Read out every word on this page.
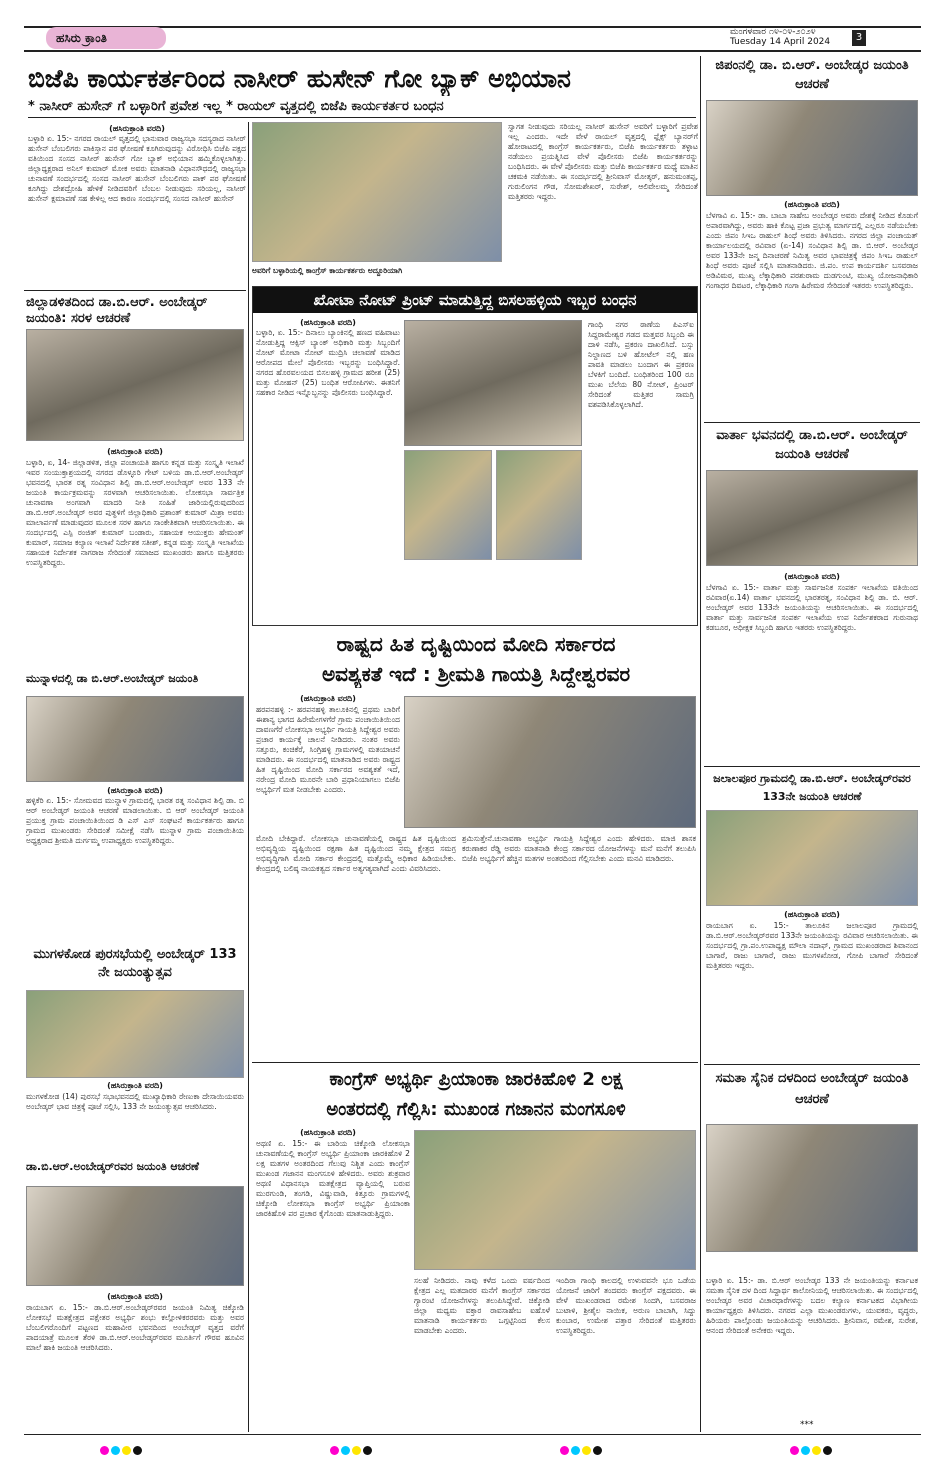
ಹಸಿರು ಕ್ರಾಂತಿ	ಮಂಗಳವಾರ ೧೪-೦೪-೨೦೨೪
Tuesday 14 April 2024	3
ಬಿಜೆಪಿ ಕಾರ್ಯಕರ್ತರಿಂದ ನಾಸೀರ್ ಹುಸೇನ್ ಗೋ ಬ್ಯಾಕ್ ಅಭಿಯಾನ
* ನಾಸೀರ್ ಹುಸೇನ್ ಗೆ ಬಳ್ಳಾರಿಗೆ ಪ್ರವೇಶ ಇಲ್ಲ * ರಾಯಲ್ ವೃತ್ತದಲ್ಲಿ ಬಿಜೆಪಿ ಕಾರ್ಯಕರ್ತರ ಬಂಧನ
(ಹಸಿರುಕ್ರಾಂತಿ ವರದಿ)
ಬಳ್ಳಾರಿ ಏ. 15:- ನಗರದ ರಾಯಲ್ ವೃತ್ತದಲ್ಲಿ ಭಾನುವಾರ ರಾಜ್ಯಸಭಾ ಸದಸ್ಯರಾದ ನಾಸೀರ್ ಹುಸೇನ್ ಬೆಂಬಲಿಗರು ಪಾಕಿಸ್ತಾನ ಪರ ಘೋಷಣೆ ಕೂಗಿರುವುದನ್ನು ವಿರೋಧಿಸಿ ಬಿಜೆಪಿ ಪಕ್ಷದ ವತಿಯಿಂದ ಸಂಸದ ನಾಸೀರ್ ಹುಸೇನ್ ಗೋ ಬ್ಯಾಕ್ ಅಭಿಯಾನ ಹಮ್ಮಿಕೊಳ್ಳಲಾಗಿತ್ತು. ಜಿಲ್ಲಾಧ್ಯಕ್ಷರಾದ ಅನಿಲ್ ಕುಮಾರ್ ಮೋಕ ಅವರು ಮಾತನಾಡಿ ವಿಧಾನಸೌಧದಲ್ಲಿ ರಾಜ್ಯಸಭಾ ಚುನಾವಣೆ ಸಂದರ್ಭದಲ್ಲಿ ಸಂಸದ ನಾಸೀರ್ ಹುಸೇನ್ ಬೆಂಬಲಿಗರು ಪಾಕ್ ಪರ ಘೋಷಣೆ ಕೂಗಿದ್ದು ದೇಶದ್ರೋಹಿ ಹೇಳಿಕೆ ನೀಡಿದವರಿಗೆ ಬೆಂಬಲ ನೀಡುವುದು ಸರಿಯಲ್ಲ, ನಾಸೀರ್ ಹುಸೇನ್ ಕ್ಷಮಾಪಣೆ ಸಹ ಕೇಳಿಲ್ಲ ಆದ ಕಾರಣ ಸಂದರ್ಭದಲ್ಲಿ ಸಂಸದ ನಾಸೀರ್ ಹುಸೇನ್
ಅವರಿಗೆ ಬಳ್ಳಾರಿಯಲ್ಲಿ ಕಾಂಗ್ರೆಸ್ ಕಾರ್ಯಕರ್ತರು ಅದ್ದೂರಿಯಾಗಿ
ಸ್ವಾಗತ ನೀಡುವುದು ಸರಿಯಲ್ಲ ನಾಸೀರ್ ಹುಸೇನ್ ಅವರಿಗೆ ಬಳ್ಳಾರಿಗೆ ಪ್ರವೇಶ ಇಲ್ಲ ಎಂದರು. ಇದೇ ವೇಳೆ ರಾಯಲ್ ವೃತ್ತದಲ್ಲಿ ಫ್ಲೆಕ್ಸ್ ಬ್ಯಾನರ್‌ಗೆ ಹೋರಾಟದಲ್ಲಿ ಕಾಂಗ್ರೆಸ್ ಕಾರ್ಯಕರ್ತರು, ಬಿಜೆಪಿ ಕಾರ್ಯಕರ್ತರು ತಳ್ಳಾಟ ನಡೆಯಲು ಪ್ರಯತ್ನಿಸಿದ ವೇಳೆ ಪೊಲೀಸರು ಬಿಜೆಪಿ ಕಾರ್ಯಕರ್ತರನ್ನು ಬಂಧಿಸಿದರು. ಈ ವೇಳೆ ಪೊಲೀಸರು ಮತ್ತು ಬಿಜೆಪಿ ಕಾರ್ಯಕರ್ತರ ಮಧ್ಯೆ ಮಾತಿನ ಚಕಮಕಿ ನಡೆಯಿತು. ಈ ಸಂದರ್ಭದಲ್ಲಿ ಶ್ರೀನಿವಾಸ್ ಮೋತ್ಕರ್, ಹನುಮಂತಪ್ಪ, ಗುರುಲಿಂಗನ ಗೌಡ, ಸೋಮಶೇಖರ್, ಸುರೇಶ್, ಆಲಿವೇಲಮ್ಮ ಸೇರಿದಂತೆ ಮತ್ತಿತರರು ಇದ್ದರು.
ಜಿಲ್ಲಾಡಳಿತದಿಂದ ಡಾ.ಬಿ.ಆರ್. ಅಂಬೇಡ್ಕರ್ ಜಯಂತಿ: ಸರಳ ಆಚರಣೆ
(ಹಸಿರುಕ್ರಾಂತಿ ವರದಿ)
ಬಳ್ಳಾರಿ, ಏ, 14- ಜಿಲ್ಲಾಡಳಿತ, ಜಿಲ್ಲಾ ಪಂಚಾಯತಿ ಹಾಗೂ ಕನ್ನಡ ಮತ್ತು ಸಂಸ್ಕೃತಿ ಇಲಾಖೆ ಇವರ ಸಂಯುಕ್ತಾಶ್ರಯದಲ್ಲಿ ನಗರದ ಡೊಳ್ಳೂರಿ ಗೇಟ್ ಬಳಿಯ ಡಾ.ಬಿ.ಆರ್.ಅಂಬೇಡ್ಕರ್ ಭವನದಲ್ಲಿ ಭಾರತ ರತ್ನ ಸಂವಿಧಾನ ಶಿಲ್ಪಿ ಡಾ.ಬಿ.ಆರ್.ಅಂಬೇಡ್ಕರ್ ಅವರ 133 ನೇ ಜಯಂತಿ ಕಾರ್ಯಕ್ರಮವನ್ನು ಸರಳವಾಗಿ ಆಚರಿಸಲಾಯಿತು. ಲೋಕಸಭಾ ಸಾರ್ವತ್ರಿಕ ಚುನಾವಣಾ ಅಂಗವಾಗಿ ಮಾದರಿ ನೀತಿ ಸಂಹಿತೆ ಜಾರಿಯಲ್ಲಿರುವುದರಿಂದ ಡಾ.ಬಿ.ಆರ್.ಅಂಬೇಡ್ಕರ್ ಅವರ ಪುತ್ಥಳಿಗೆ ಜಿಲ್ಲಾಧಿಕಾರಿ ಪ್ರಶಾಂತ್ ಕುಮಾರ್ ಮಿಶ್ರಾ ಅವರು ಮಾಲಾರ್ಪಣೆ ಮಾಡುವುದರ ಮೂಲಕ ಸರಳ ಹಾಗೂ ಸಾಂಕೇತಿಕವಾಗಿ ಆಚರಿಸಲಾಯಿತು. ಈ ಸಂದರ್ಭದಲ್ಲಿ ಎಸ್ಪಿ ರಂಜಿತ್ ಕುಮಾರ್ ಬಂಡಾರು, ಸಹಾಯಕ ಆಯುಕ್ತರು ಹೇಮಂತ್ ಕುಮಾರ್, ಸಮಾಜ ಕಲ್ಯಾಣ ಇಲಾಖೆ ನಿರ್ದೇಶಕ ಸತೀಶ್, ಕನ್ನಡ ಮತ್ತು ಸಂಸ್ಕೃತಿ ಇಲಾಖೆಯ ಸಹಾಯಕ ನಿರ್ದೇಶಕ ನಾಗರಾಜ ಸೇರಿದಂತೆ ಸಮಾಜದ ಮುಖಂಡರು ಹಾಗೂ ಮತ್ತಿತರರು ಉಪಸ್ಥಿತರಿದ್ದರು.
ಮುನ್ನಾಳದಲ್ಲಿ ಡಾ ಬಿ.ಆರ್.ಅಂಬೇಡ್ಕರ್ ಜಯಂತಿ
(ಹಸಿರುಕ್ರಾಂತಿ ವರದಿ)
ಹಳ್ಳಿಕೆರಿ ಏ. 15:- ಸೋಮವದ ಮುನ್ನಾಳ ಗ್ರಾಮದಲ್ಲಿ ಭಾರತ ರತ್ನ ಸಂವಿಧಾನ ಶಿಲ್ಪಿ ಡಾ. ಬಿ ಆರ್ ಅಂಬೇಡ್ಕರ್ ಜಯಂತಿ ಆಚರಣೆ ಮಾಡಲಾಯಿತು. ಬಿ ಆರ್ ಅಂಬೇಡ್ಕರ್ ಜಯಂತಿ ಪ್ರಯುಕ್ತ ಗ್ರಾಮ ಪಂಚಾಯಿತಿಯಿಂದ ಡಿ ಎಸ್ ಎಸ್ ಸಂಘಟನೆ ಕಾರ್ಯಕರ್ತರು ಹಾಗೂ ಗ್ರಾಮದ ಮುಖಂಡರು ಸೇರಿದಂತೆ ಸಮೀಕ್ಷೆ ನಡೆಸಿ ಮುನ್ನಾಳ ಗ್ರಾಮ ಪಂಚಾಯಿತಿಯ ಅಧ್ಯಕ್ಷರಾದ ಶ್ರೀಮತಿ ದುರ್ಗಮ್ಮ ಉಪಾಧ್ಯಕ್ಷರು ಉಪಸ್ಥಿತರಿದ್ದರು.
ಮುಗಳಕೋಡ ಪುರಸಭೆಯಲ್ಲಿ ಅಂಬೇಡ್ಕರ್ 133 ನೇ ಜಯಂತ್ಯುತ್ಸವ
(ಹಸಿರುಕ್ರಾಂತಿ ವರದಿ)
ಮುಗಳಕೋಡ (14) ಪುರಸಭೆ ಸಭಾಭವನದಲ್ಲಿ ಮುಖ್ಯಾಧಿಕಾರಿ ರೇಣುಕಾ ದೇಸಾಯಿಯವರು ಅಂಬೇಡ್ಕರ್ ಭಾವ ಚಿತ್ರಕ್ಕೆ ಪೂಜೆ ಸಲ್ಲಿಸಿ, 133 ನೇ ಜಯಂತ್ಯುತ್ಸವ ಆಚರಿಸಿದರು.
ಡಾ.ಬಿ.ಆರ್.ಅಂಬೇಡ್ಕರ್‌ರವರ ಜಯಂತಿ ಆಚರಣೆ
(ಹಸಿರುಕ್ರಾಂತಿ ವರದಿ)
ರಾಯಬಾಗ ಏ. 15:- ಡಾ.ಬಿ.ಆರ್.ಅಂಬೇಡ್ಕರ್‌ರವರ ಜಯಂತಿ ನಿಮಿತ್ಯ ಚಿಕ್ಕೋಡಿ ಲೋಕಸಭೆ ಮತಕ್ಷೇತ್ರದ ಪಕ್ಷೇತರ ಅಭ್ಯರ್ಥಿ ಶಂಭು ಕಲ್ಲೋಳಿಕರರವರು ಮತ್ತು ಅವರ ಬೆಂಬಲಿಗರೊಂದಿಗೆ ಪಟ್ಟಣದ ಮಹಾವೀರ ಭವನದಿಂದ ಅಂಬೇಡ್ಕರ್ ವೃತ್ತದ ವರೆಗೆ ಪಾದಯಾತ್ರೆ ಮೂಲಕ ತೆರಳಿ ಡಾ.ಬಿ.ಆರ್.ಅಂಬೇಡ್ಕರ್‌ರವರ ಮೂರ್ತಿಗೆ ಗೌರವ ಹೂವಿನ ಮಾಲೆ ಹಾಕಿ ಜಯಂತಿ ಆಚರಿಸಿದರು.
ಖೋಟಾ ನೋಟ್ ಪ್ರಿಂಟ್ ಮಾಡುತ್ತಿದ್ದ ಬಿಸಲಹಳ್ಳಿಯ ಇಬ್ಬರ ಬಂಧನ
(ಹಸಿರುಕ್ರಾಂತಿ ವರದಿ)
ಬಳ್ಳಾರಿ, ಏ. 15:- ದಿನಾಲು ಬ್ಯಾಂಕಿನಲ್ಲಿ ಹಣದ ವಹಿವಾಟು ನೋಡುತ್ತಿದ್ದ ಆಕ್ಸಿಸ್ ಬ್ಯಾಂಕ್ ಅಧಿಕಾರಿ ಮತ್ತು ಸಿಬ್ಬಂದಿಗೆ ನೋಟ್ ಮೋಟಾ ನೋಟ್ ಮುದ್ರಿಸಿ ಚಲಾವಣೆ ಮಾಡಿದ ಆರೋಪದ ಮೇಲೆ ಪೊಲೀಸರು ಇಬ್ಬರನ್ನು ಬಂಧಿಸಿದ್ದಾರೆ. ನಗರದ ಹೊರವಲಯದ ಬಿಸಲಹಳ್ಳಿ ಗ್ರಾಮದ ಹರೀಶ (25) ಮತ್ತು ಮೋಹನ್ (25) ಬಂಧಿತ ಆರೋಪಿಗಳು. ಈತನಿಗೆ ಸಹಕಾರ ನೀಡಿದ ಇನ್ನೊಬ್ಬನನ್ನು ಪೊಲೀಸರು ಬಂಧಿಸಿದ್ದಾರೆ.
ಗಾಂಧಿ ನಗರ ಠಾಣೆಯ ಪಿಎಸ್ಐ ಸಿದ್ದರಾಮೇಶ್ವರ ಗಡದ ಮತ್ತವರ ಸಿಬ್ಬಂದಿ ಈ ದಾಳಿ ನಡೆಸಿ, ಪ್ರಕರಣ ದಾಖಲಿಸಿದೆ. ಬಸ್ಸು ನಿಲ್ದಾಣದ ಬಳಿ ಹೋಟೆಲ್ ನಲ್ಲಿ ಹಣ ಪಾವತಿ ಮಾಡಲು ಬಂದಾಗ ಈ ಪ್ರಕರಣ ಬೆಳಕಿಗೆ ಬಂದಿದೆ. ಬಂಧಿತರಿಂದ 100 ರೂ ಮುಖ ಬೆಲೆಯ 80 ನೋಟ್, ಪ್ರಿಂಟರ್ ಸೇರಿದಂತೆ ಮತ್ತಿತರ ಸಾಮಗ್ರಿ ವಶಪಡಿಸಿಕೊಳ್ಳಲಾಗಿದೆ.
ರಾಷ್ಟ್ರದ ಹಿತ ದೃಷ್ಟಿಯಿಂದ ಮೋದಿ ಸರ್ಕಾರದ
ಅವಶ್ಯಕತೆ ಇದೆ : ಶ್ರೀಮತಿ ಗಾಯತ್ರಿ ಸಿದ್ದೇಶ್ವರವರ
(ಹಸಿರುಕ್ರಾಂತಿ ವರದಿ)
ಹರಪನಹಳ್ಳಿ :- ಹರಪನಹಳ್ಳಿ ತಾಲೂಕಿನಲ್ಲಿ ಪ್ರಥಮ ಬಾರಿಗೆ ಈಶಾನ್ಯ ಭಾಗದ ಹಿರೇಮೇಗಳಗೆರೆ ಗ್ರಾಮ ಪಂಚಾಯಿತಿಯಿಂದ ದಾವಣಗೆರೆ ಲೋಕಸಭಾ ಅಭ್ಯರ್ಥಿ ಗಾಯತ್ರಿ ಸಿದ್ದೇಶ್ವರ ಅವರು ಪ್ರಚಾರ ಕಾರ್ಯಕ್ಕೆ ಚಾಲನೆ ನೀಡಿದರು. ನಂತರ ಅವರು ಸತ್ತೂರು, ಕಂಚಿಕೆರೆ, ಸಿಂಗ್ರಿಹಳ್ಳಿ ಗ್ರಾಮಗಳಲ್ಲಿ ಮತಯಾಚನೆ ಮಾಡಿದರು. ಈ ಸಂದರ್ಭದಲ್ಲಿ ಮಾತನಾಡಿದ ಅವರು ರಾಷ್ಟ್ರದ ಹಿತ ದೃಷ್ಟಿಯಿಂದ ಮೋದಿ ಸರ್ಕಾರದ ಅವಶ್ಯಕತೆ ಇದೆ, ನರೇಂದ್ರ ಮೋದಿ ಮೂರನೇ ಬಾರಿ ಪ್ರಧಾನಿಯಾಗಲು ಬಿಜೆಪಿ ಅಭ್ಯರ್ಥಿಗೆ ಮತ ನೀಡಬೇಕು ಎಂದರು.
ಮೋದಿ ಬೇಕಿದ್ದಾರೆ. ಲೋಕಸಭಾ ಚುನಾವಣೆಯಲ್ಲಿ ರಾಷ್ಟ್ರದ ಹಿತ ದೃಷ್ಟಿಯಿಂದ ಅಭಿವೃದ್ಧಿಯ ದೃಷ್ಟಿಯಿಂದ ರಕ್ಷಣಾ ಹಿತ ದೃಷ್ಟಿಯಿಂದ ನಮ್ಮ ಕ್ಷೇತ್ರದ ಸಮಗ್ರ ಅಭಿವೃದ್ಧಿಗಾಗಿ ಮೋದಿ ಸರ್ಕಾರ ಕೇಂದ್ರದಲ್ಲಿ ಮತ್ತೊಮ್ಮೆ ಅಧಿಕಾರ ಹಿಡಿಯಬೇಕು. ಕೇಂದ್ರದಲ್ಲಿ ಬಲಿಷ್ಠ ನಾಯಕತ್ವದ ಸರ್ಕಾರ ಅತ್ಯಗತ್ಯವಾಗಿದೆ ಎಂದು ವಿವರಿಸಿದರು.
ಶ್ರಮಿಸುತ್ತೇನೆ.ಚುನಾವಣಾ ಅಭ್ಯರ್ಥಿ ಗಾಯತ್ರಿ ಸಿದ್ದೇಶ್ವರ ಎಂದು ಹೇಳಿದರು. ಮಾಜಿ ಶಾಸಕ ಕರುಣಾಕರ ರೆಡ್ಡಿ ಅವರು ಮಾತನಾಡಿ ಕೇಂದ್ರ ಸರ್ಕಾರದ ಯೋಜನೆಗಳನ್ನು ಮನೆ ಮನೆಗೆ ತಲುಪಿಸಿ ಬಿಜೆಪಿ ಅಭ್ಯರ್ಥಿಗೆ ಹೆಚ್ಚಿನ ಮತಗಳ ಅಂತರದಿಂದ ಗೆಲ್ಲಿಸಬೇಕು ಎಂದು ಮನವಿ ಮಾಡಿದರು.
ಕಾಂಗ್ರೆಸ್ ಅಭ್ಯರ್ಥಿ ಪ್ರಿಯಾಂಕಾ ಜಾರಕಿಹೊಳಿ 2 ಲಕ್ಷ
ಅಂತರದಲ್ಲಿ ಗೆಲ್ಲಿಸಿ: ಮುಖಂಡ ಗಜಾನನ ಮಂಗಸೂಳಿ
(ಹಸಿರುಕ್ರಾಂತಿ ವರದಿ)
ಅಥಣಿ ಏ. 15:- ಈ ಬಾರಿಯ ಚಿಕ್ಕೋಡಿ ಲೋಕಸಭಾ ಚುನಾವಣೆಯಲ್ಲಿ ಕಾಂಗ್ರೆಸ್ ಅಭ್ಯರ್ಥಿ ಪ್ರಿಯಾಂಕಾ ಜಾರಕಿಹೊಳಿ 2 ಲಕ್ಷ ಮತಗಳ ಅಂತರದಿಂದ ಗೆಲುವು ನಿಶ್ಚಿತ ಎಂದು ಕಾಂಗ್ರೆಸ್ ಮುಖಂಡ ಗಜಾನನ ಮಂಗಸೂಳಿ ಹೇಳಿದರು. ಅವರು ಶುಕ್ರವಾರ ಅಥಣಿ ವಿಧಾನಸಭಾ ಮತಕ್ಷೇತ್ರದ ವ್ಯಾಪ್ತಿಯಲ್ಲಿ ಬರುವ ಮುರಗುಂಡಿ, ತಂಗಡಿ, ವಿಷ್ಣುವಾಡಿ, ಕಿತ್ತೂರು ಗ್ರಾಮಗಳಲ್ಲಿ ಚಿಕ್ಕೋಡಿ ಲೋಕಸಭಾ ಕಾಂಗ್ರೆಸ್ ಅಭ್ಯರ್ಥಿ ಪ್ರಿಯಾಂಕಾ ಜಾರಕಿಹೊಳಿ ಪರ ಪ್ರಚಾರ ಕೈಗೊಂಡು ಮಾತನಾಡುತ್ತಿದ್ದರು.
ಸಲಹೆ ನೀಡಿದರು. ನಾವು ಕಳೆದ ಒಂದು ವರ್ಷದಿಂದ ಕ್ಷೇತ್ರದ ಎಲ್ಲ ಮತದಾರರ ಮನೆಗೆ ಕಾಂಗ್ರೆಸ್ ಸರ್ಕಾರದ ಗ್ಯಾರಂಟಿ ಯೋಜನೆಗಳನ್ನು ತಲುಪಿಸಿದ್ದೇವೆ. ಚಿಕ್ಕೋಡಿ ಜಿಲ್ಲಾ ಮಧ್ಯಮ ವಕ್ತಾರ ರಾವಸಾಹೇಬ ಐಹೊಳೆ ಮಾತನಾಡಿ ಕಾರ್ಯಕರ್ತರು ಒಗ್ಗಟ್ಟಿನಿಂದ ಕೆಲಸ ಮಾಡಬೇಕು ಎಂದರು.
ಇಂದಿರಾ ಗಾಂಧಿ ಕಾಲದಲ್ಲಿ ಉಳುವವನೇ ಭೂ ಒಡೆಯ ಯೋಜನೆ ಜಾರಿಗೆ ತಂದವರು ಕಾಂಗ್ರೆಸ್ ಪಕ್ಷದವರು. ಈ ವೇಳೆ ಮುಖಂಡರಾದ ರಮೇಶ ಸಿಂದಗಿ, ಬಸವರಾಜ ಬುಟಾಳಿ, ಶ್ರೀಶೈಲ ನಾಯಿಕ, ಅರುಣ ಬಾಬಾಗಿ, ಸಿದ್ದು ಕುಂಬಾರ, ಉಮೇಶ ಪತ್ತಾರ ಸೇರಿದಂತೆ ಮತ್ತಿತರರು ಉಪಸ್ಥಿತರಿದ್ದರು.
ಜಿಪಂನಲ್ಲಿ ಡಾ. ಬಿ.ಆರ್. ಅಂಬೇಡ್ಕರ ಜಯಂತಿ ಆಚರಣೆ
(ಹಸಿರುಕ್ರಾಂತಿ ವರದಿ)
ಬೆಳಗಾವಿ ಏ. 15:- ಡಾ. ಬಾಬಾ ಸಾಹೇಬ ಅಂಬೇಡ್ಕರ ಅವರು ದೇಶಕ್ಕೆ ನೀಡಿದ ಕೊಡುಗೆ ಅಪಾರವಾಗಿದ್ದು, ಅವರು ಹಾಕಿ ಕೊಟ್ಟ ಪ್ರಜಾ ಪ್ರಭುತ್ವ ಮಾರ್ಗದಲ್ಲಿ ಎಲ್ಲರೂ ನಡೆಯಬೇಕು ಎಂದು ಜಿಪಂ ಸಿಇಒ ರಾಹುಲ್ ಶಿಂಧೆ ಅವರು ತಿಳಿಸಿದರು. ನಗರದ ಜಿಲ್ಲಾ ಪಂಚಾಯತ್ ಕಾರ್ಯಾಲಯದಲ್ಲಿ ರವಿವಾರ (ಏ-14) ಸಂವಿಧಾನ ಶಿಲ್ಪಿ ಡಾ. ಬಿ.ಆರ್. ಅಂಬೇಡ್ಕರ ಅವರ 133ನೇ ಜನ್ಮ ದಿನಾಚರಣೆ ನಿಮಿತ್ಯ ಅವರ ಭಾವಚಿತ್ರಕ್ಕೆ ಜಿಪಂ ಸಿಇಒ ರಾಹುಲ್ ಶಿಂಧೆ ಅವರು ಪೂಜೆ ಸಲ್ಲಿಸಿ ಮಾತನಾಡಿದರು. ಜಿ.ಪಂ. ಉಪ ಕಾರ್ಯದರ್ಶಿ ಬಸವರಾಜ ಅಡಿವಿಮಠ, ಮುಖ್ಯ ಲೆಕ್ಕಾಧಿಕಾರಿ ಪರಶುರಾಮ ದುಡಗುಂಟಿ, ಮುಖ್ಯ ಯೋಜನಾಧಿಕಾರಿ ಗಂಗಾಧರ ದಿವಟರ, ಲೆಕ್ಕಾಧಿಕಾರಿ ಗಂಗಾ ಹಿರೇಮಠ ಸೇರಿದಂತೆ ಇತರರು ಉಪಸ್ಥಿತರಿದ್ದರು.
ವಾರ್ತಾ ಭವನದಲ್ಲಿ ಡಾ.ಬಿ.ಆರ್. ಅಂಬೇಡ್ಕರ್ ಜಯಂತಿ ಆಚರಣೆ
(ಹಸಿರುಕ್ರಾಂತಿ ವರದಿ)
ಬೆಳಗಾವಿ ಏ. 15:- ವಾರ್ತಾ ಮತ್ತು ಸಾರ್ವಜನಿಕ ಸಂಪರ್ಕ ಇಲಾಖೆಯ ವತಿಯಿಂದ ರವಿವಾರ(ಏ.14) ವಾರ್ತಾ ಭವನದಲ್ಲಿ ಭಾರತರತ್ನ, ಸಂವಿಧಾನ ಶಿಲ್ಪಿ ಡಾ. ಬಿ. ಆರ್. ಅಂಬೇಡ್ಕರ್ ಅವರ 133ನೇ ಜಯಂತಿಯನ್ನು ಆಚರಿಸಲಾಯಿತು. ಈ ಸಂದರ್ಭದಲ್ಲಿ ವಾರ್ತಾ ಮತ್ತು ಸಾರ್ವಜನಿಕ ಸಂಪರ್ಕ ಇಲಾಖೆಯ ಉಪ ನಿರ್ದೇಶಕರಾದ ಗುರುನಾಥ ಕಡಬೂರ, ಅಧೀಕ್ಷಕ ಸಿಬ್ಬಂದಿ ಹಾಗೂ ಇತರರು ಉಪಸ್ಥಿತರಿದ್ದರು.
ಜಲಾಲಪೂರ ಗ್ರಾಮದಲ್ಲಿ ಡಾ.ಬಿ.ಆರ್. ಅಂಬೇಡ್ಕರ್‌ರವರ 133ನೇ ಜಯಂತಿ ಆಚರಣೆ
(ಹಸಿರುಕ್ರಾಂತಿ ವರದಿ)
ರಾಯಬಾಗ ಏ. 15:- ತಾಲೂಕಿನ ಜಲಾಲಪೂರ ಗ್ರಾಮದಲ್ಲಿ ಡಾ.ಬಿ.ಆರ್.ಅಂಬೇಡ್ಕರ್‌ರವರ 133ನೇ ಜಯಂತಿಯನ್ನು ರವಿವಾರ ಆಚರಿಸಲಾಯಿತು. ಈ ಸಂದರ್ಭದಲ್ಲಿ ಗ್ರಾ.ಪಂ.ಉಪಾಧ್ಯಕ್ಷ ಮೌಲಾ ನದಾಫ್, ಗ್ರಾಮದ ಮುಖಂಡರಾದ ಶಿವಾನಂದ ಬಾಗಾರೆ, ರಾಜು ಬಾಗಾರೆ, ರಾಜು ಮುಗಳಖೋಡ, ಗೋಪಿ ಬಾಗಾರೆ ಸೇರಿದಂತೆ ಮತ್ತಿತರರು ಇದ್ದರು.
ಸಮತಾ ಸೈನಿಕ ದಳದಿಂದ ಅಂಬೇಡ್ಕರ್ ಜಯಂತಿ ಆಚರಣೆ
ಬಳ್ಳಾರಿ ಏ. 15:- ಡಾ. ಬಿ.ಆರ್ ಅಂಬೇಡ್ಕರ 133 ನೇ ಜಯಂತಿಯನ್ನು ಕರ್ನಾಟಕ ಸಮತಾ ಸೈನಿಕ ದಳ ದಿಂದ ಸಿದ್ದಾರ್ಥ ಕಾಲೋನಿಯಲ್ಲಿ ಆಚರಿಸಲಾಯಿತು. ಈ ಸಂದರ್ಭದಲ್ಲಿ ಅಂಬೇಡ್ಕರ ಅವರ ವಿಚಾರಧಾರೆಗಳನ್ನು ಬದಲ ಕಲ್ಯಾಣ ಕರ್ನಾಟಕದ ವಿಭಾಗೀಯ ಕಾರ್ಯಾಧ್ಯಕ್ಷರು ತಿಳಿಸಿದರು. ನಗರದ ಎಲ್ಲಾ ಮುಖಂಡರುಗಳು, ಯುವಕರು, ವೃದ್ಧರು, ಹಿರಿಯರು ಪಾಲ್ಗೊಂಡು ಜಯಂತಿಯನ್ನು ಆಚರಿಸಿದರು. ಶ್ರೀನಿವಾಸ, ರಮೇಶ, ಸುರೇಶ, ಆನಂದ ಸೇರಿದಂತೆ ಅನೇಕರು ಇದ್ದರು.
***
